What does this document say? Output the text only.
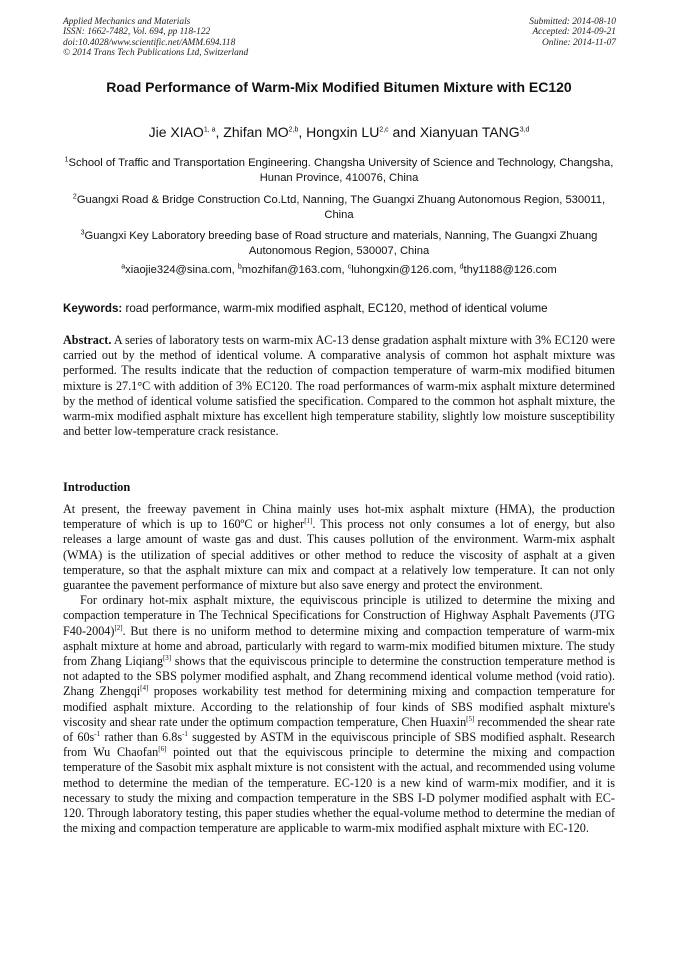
Applied Mechanics and Materials
ISSN: 1662-7482, Vol. 694, pp 118-122
doi:10.4028/www.scientific.net/AMM.694.118
© 2014 Trans Tech Publications Ltd, Switzerland
Submitted: 2014-08-10
Accepted: 2014-09-21
Online: 2014-11-07
Road Performance of Warm-Mix Modified Bitumen Mixture with EC120
Jie XIAO$^{1, a}$, Zhifan MO$^{2,b}$, Hongxin LU$^{2,c}$ and Xianyuan TANG$^{3,d}$
$^1$School of Traffic and Transportation Engineering. Changsha University of Science and Technology, Changsha, Hunan Province, 410076, China
$^2$Guangxi Road & Bridge Construction Co.Ltd, Nanning, The Guangxi Zhuang Autonomous Region, 530011, China
$^3$Guangxi Key Laboratory breeding base of Road structure and materials, Nanning, The Guangxi Zhuang Autonomous Region, 530007, China
$^a$xiaojie324@sina.com, $^b$mozhifan@163.com, $^c$luhongxin@126.com, $^d$thy1188@126.com
Keywords: road performance, warm-mix modified asphalt, EC120, method of identical volume
Abstract. A series of laboratory tests on warm-mix AC-13 dense gradation asphalt mixture with 3% EC120 were carried out by the method of identical volume. A comparative analysis of common hot asphalt mixture was performed. The results indicate that the reduction of compaction temperature of warm-mix modified bitumen mixture is 27.1°C with addition of 3% EC120. The road performances of warm-mix asphalt mixture determined by the method of identical volume satisfied the specification. Compared to the common hot asphalt mixture, the warm-mix modified asphalt mixture has excellent high temperature stability, slightly low moisture susceptibility and better low-temperature crack resistance.
Introduction

At present, the freeway pavement in China mainly uses hot-mix asphalt mixture (HMA), the production temperature of which is up to 160ºC or higher[1]. This process not only consumes a lot of energy, but also releases a large amount of waste gas and dust. This causes pollution of the environment. Warm-mix asphalt (WMA) is the utilization of special additives or other method to reduce the viscosity of asphalt at a given temperature, so that the asphalt mixture can mix and compact at a relatively low temperature. It can not only guarantee the pavement performance of mixture but also save energy and protect the environment.

For ordinary hot-mix asphalt mixture, the equiviscous principle is utilized to determine the mixing and compaction temperature in The Technical Specifications for Construction of Highway Asphalt Pavements (JTG F40-2004)[2]. But there is no uniform method to determine mixing and compaction temperature of warm-mix asphalt mixture at home and abroad, particularly with regard to warm-mix modified bitumen mixture. The study from Zhang Liqiang[3] shows that the equiviscous principle to determine the construction temperature method is not adapted to the SBS polymer modified asphalt, and Zhang recommend identical volume method (void ratio). Zhang Zhengqi[4] proposes workability test method for determining mixing and compaction temperature for modified asphalt mixture. According to the relationship of four kinds of SBS modified asphalt mixture's viscosity and shear rate under the optimum compaction temperature, Chen Huaxin[5] recommended the shear rate of $60s^{-1}$ rather than $6.8s^{-1}$ suggested by ASTM in the equiviscous principle of SBS modified asphalt. Research from Wu Chaofan[6] pointed out that the equiviscous principle to determine the mixing and compaction temperature of the Sasobit mix asphalt mixture is not consistent with the actual, and recommended using volume method to determine the median of the temperature. EC-120 is a new kind of warm-mix modifier, and it is necessary to study the mixing and compaction temperature in the SBS I-D polymer modified asphalt with EC-120. Through laboratory testing, this paper studies whether the equal-volume method to determine the median of the mixing and compaction temperature are applicable to warm-mix modified asphalt mixture with EC-120.
